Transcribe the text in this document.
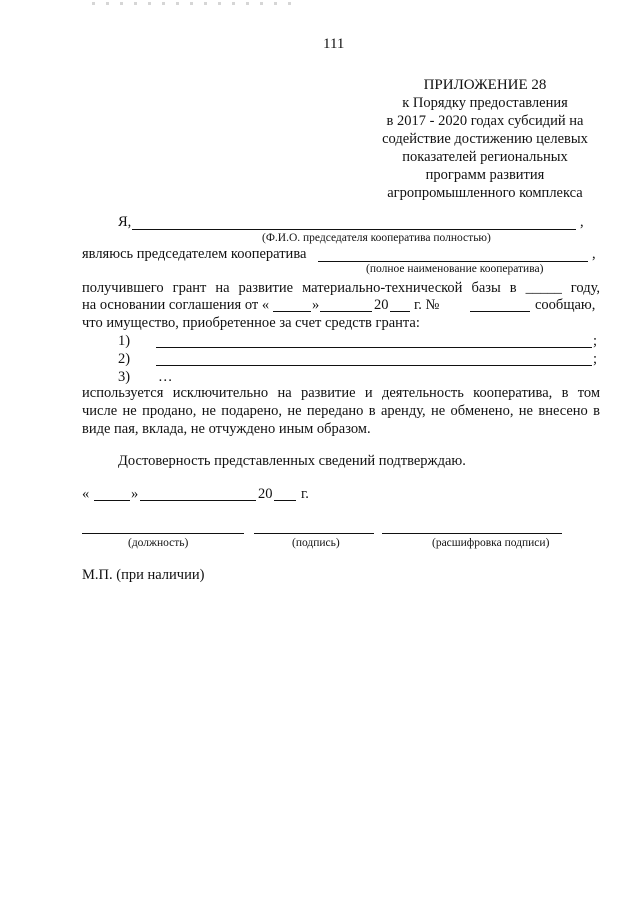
111
ПРИЛОЖЕНИЕ 28
к Порядку предоставления
в 2017 - 2020 годах субсидий на
содействие достижению целевых
показателей региональных
программ развития
агропромышленного комплекса
Я,	,
(Ф.И.О. председателя кооператива полностью)
являюсь председателем кооператива	,
(полное наименование кооператива)
получившего грант на развитие материально-технической базы в _____ году,
на основании соглашения от «	»	20 г. №	сообщаю,
что имущество, приобретенное за счет средств гранта:
1)	;
2)	;
3) …
используется исключительно на развитие и деятельность кооператива, в том
числе не продано, не подарено, не передано в аренду, не обменено, не внесено в
виде пая, вклада, не отчуждено иным образом.
Достоверность представленных сведений подтверждаю.
«	»	20 г.
(должность)	(подпись)	(расшифровка подписи)
М.П. (при наличии)
